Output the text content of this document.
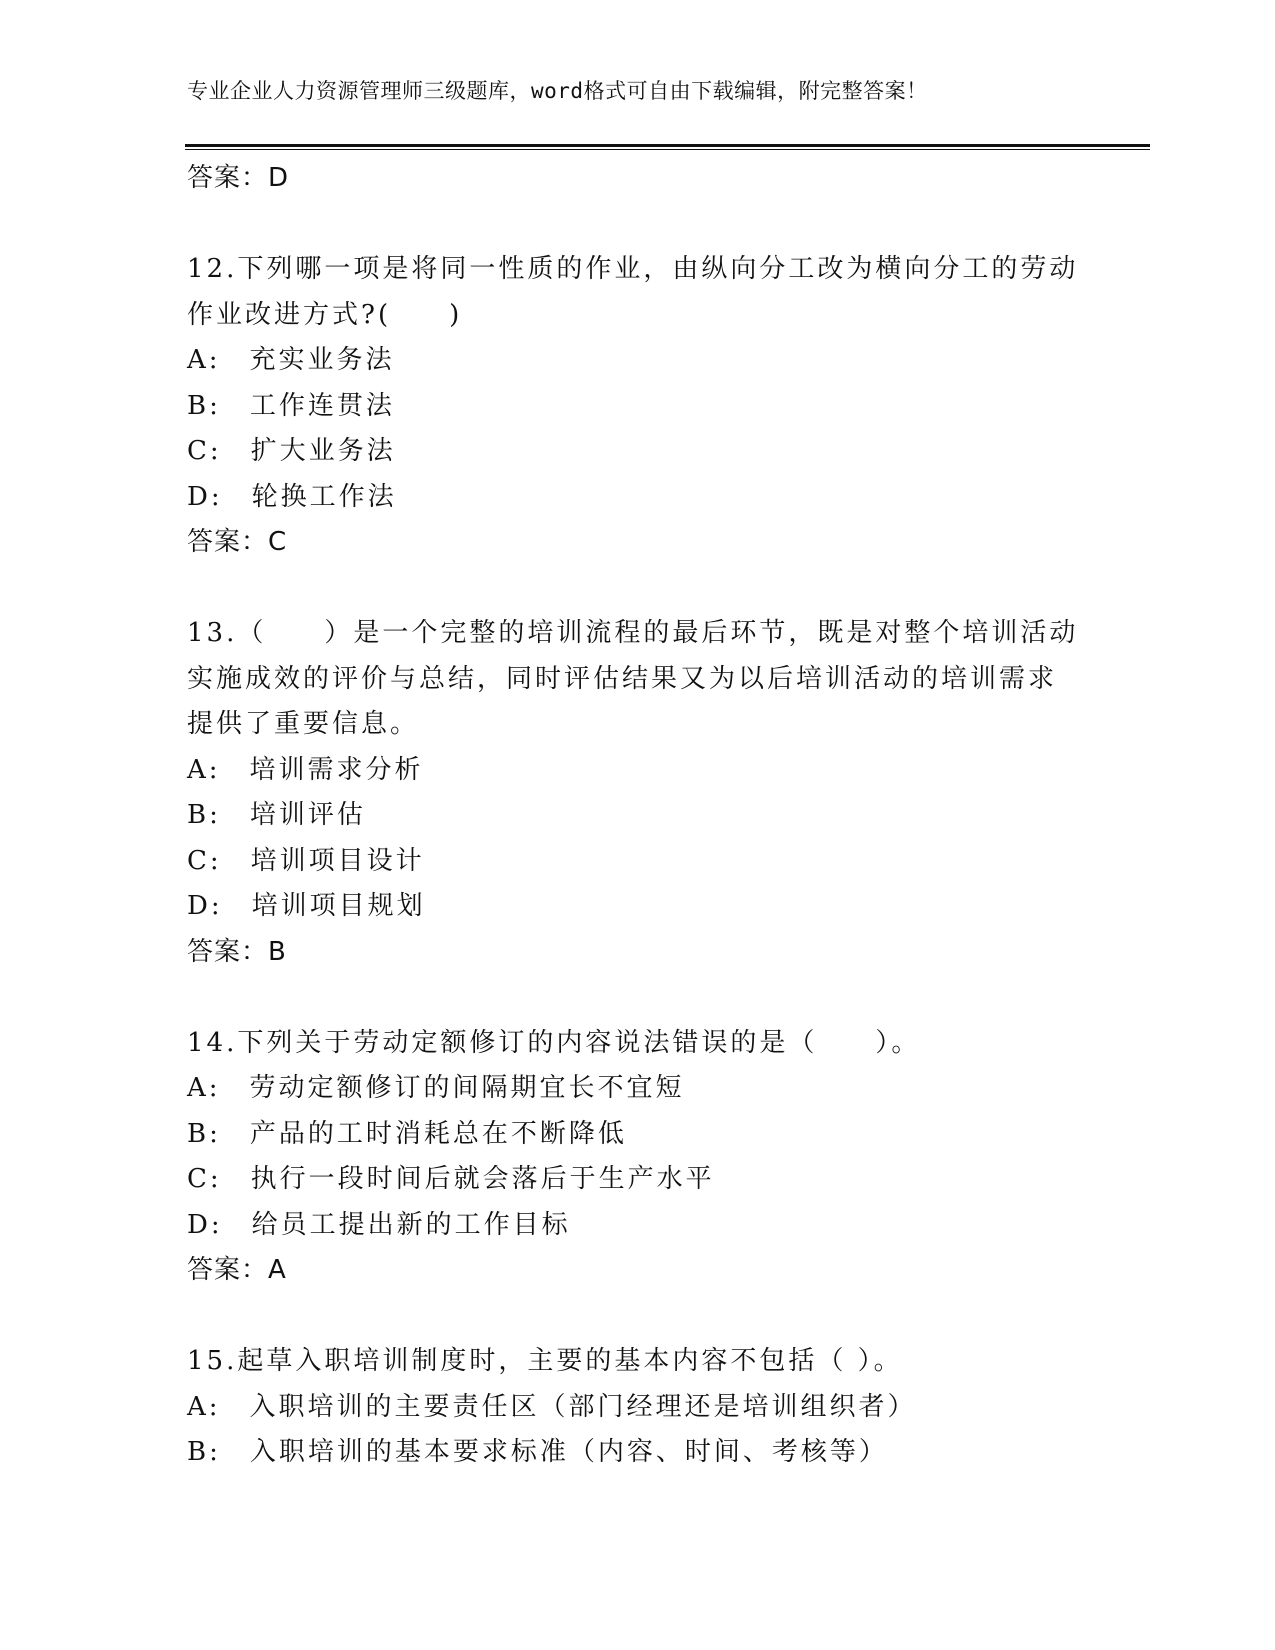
专业企业人力资源管理师三级题库，word格式可自由下载编辑，附完整答案！
答案：D
12.下列哪一项是将同一性质的作业，由纵向分工改为横向分工的劳动
作业改进方式?(　　)
A:　充实业务法
B:　工作连贯法
C:　扩大业务法
D:　轮换工作法
答案：C
13.（　　）是一个完整的培训流程的最后环节，既是对整个培训活动
实施成效的评价与总结，同时评估结果又为以后培训活动的培训需求
提供了重要信息。
A:　培训需求分析
B:　培训评估
C:　培训项目设计
D:　培训项目规划
答案：B
14.下列关于劳动定额修订的内容说法错误的是（　　）。
A:　劳动定额修订的间隔期宜长不宜短
B:　产品的工时消耗总在不断降低
C:　执行一段时间后就会落后于生产水平
D:　给员工提出新的工作目标
答案：A
15.起草入职培训制度时，主要的基本内容不包括（ ）。
A:　入职培训的主要责任区（部门经理还是培训组织者）
B:　入职培训的基本要求标准（内容、时间、考核等）
